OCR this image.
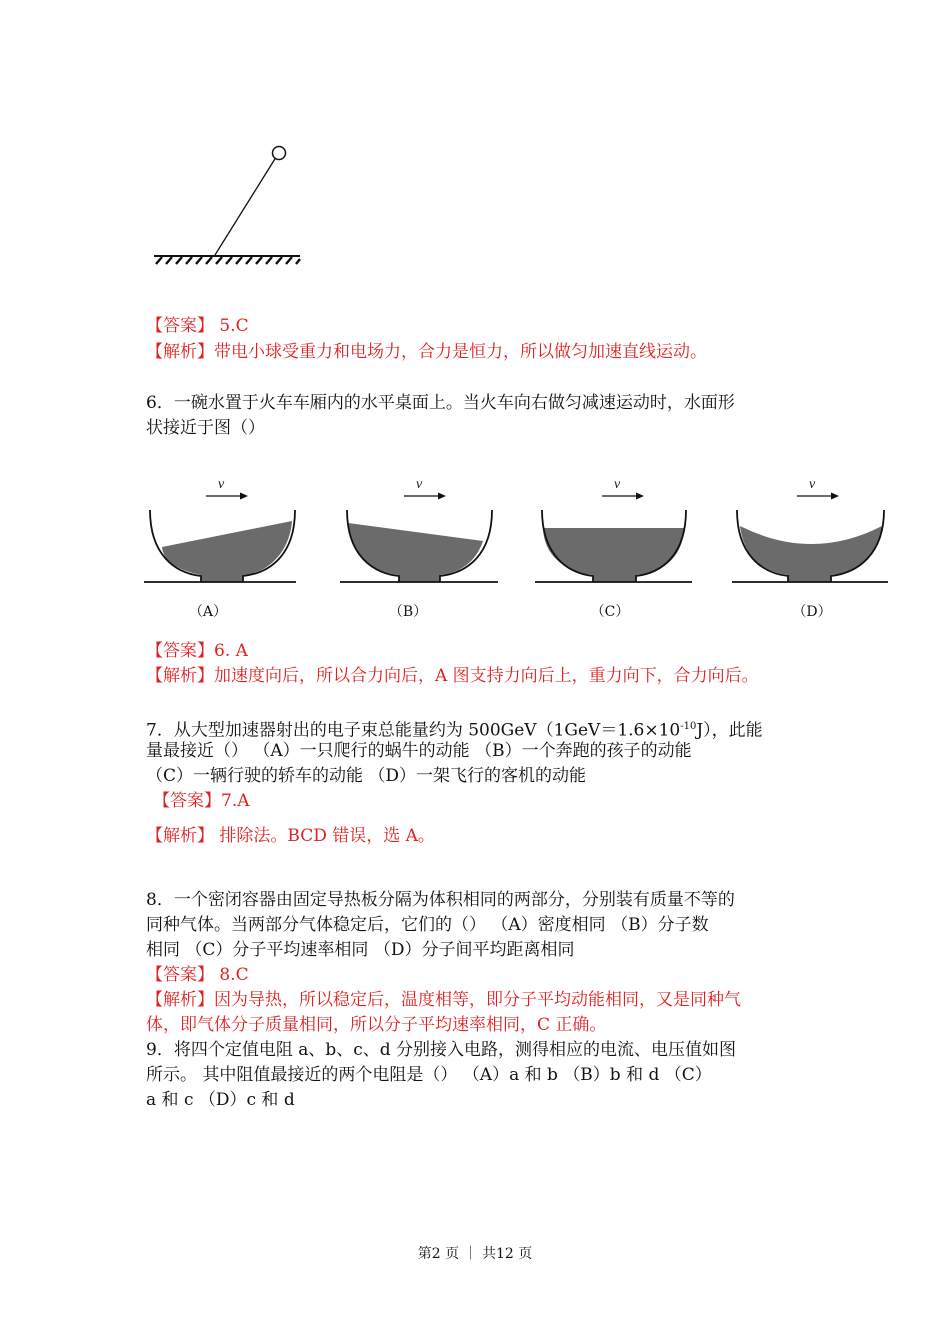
【答案】 5.C
【解析】带电小球受重力和电场力，合力是恒力，所以做匀加速直线运动。
6．一碗水置于火车车厢内的水平桌面上。当火车向右做匀减速运动时，水面形
状接近于图（）
v	v	v	v
（A）	（B）	（C）	（D）
【答案】6. A
【解析】加速度向后，所以合力向后，A 图支持力向后上，重力向下，合力向后。
7．从大型加速器射出的电子束总能量约为 $500GeV(1GeV=1.6\times 10^{-10}J)$，此能
量最接近（） （A）一只爬行的蜗牛的动能 （B）一个奔跑的孩子的动能
（C）一辆行驶的轿车的动能 （D）一架飞行的客机的动能
【答案】7.A
【解析】 排除法。BCD 错误，选 A。
8．一个密闭容器由固定导热板分隔为体积相同的两部分，分别装有质量不等的
同种气体。当两部分气体稳定后，它们的（） （A）密度相同 （B）分子数
相同 （C）分子平均速率相同 （D）分子间平均距离相同
【答案】 8.C
【解析】因为导热，所以稳定后，温度相等，即分子平均动能相同，又是同种气
体，即气体分子质量相同，所以分子平均速率相同，C 正确。
9．将四个定值电阻 a、b、c、d 分别接入电路，测得相应的电流、电压值如图
所示。 其中阻值最接近的两个电阻是（） （A）a 和 b （B）b 和 d （C）
a 和 c （D）c 和 d
第2 页 ｜ 共12 页
